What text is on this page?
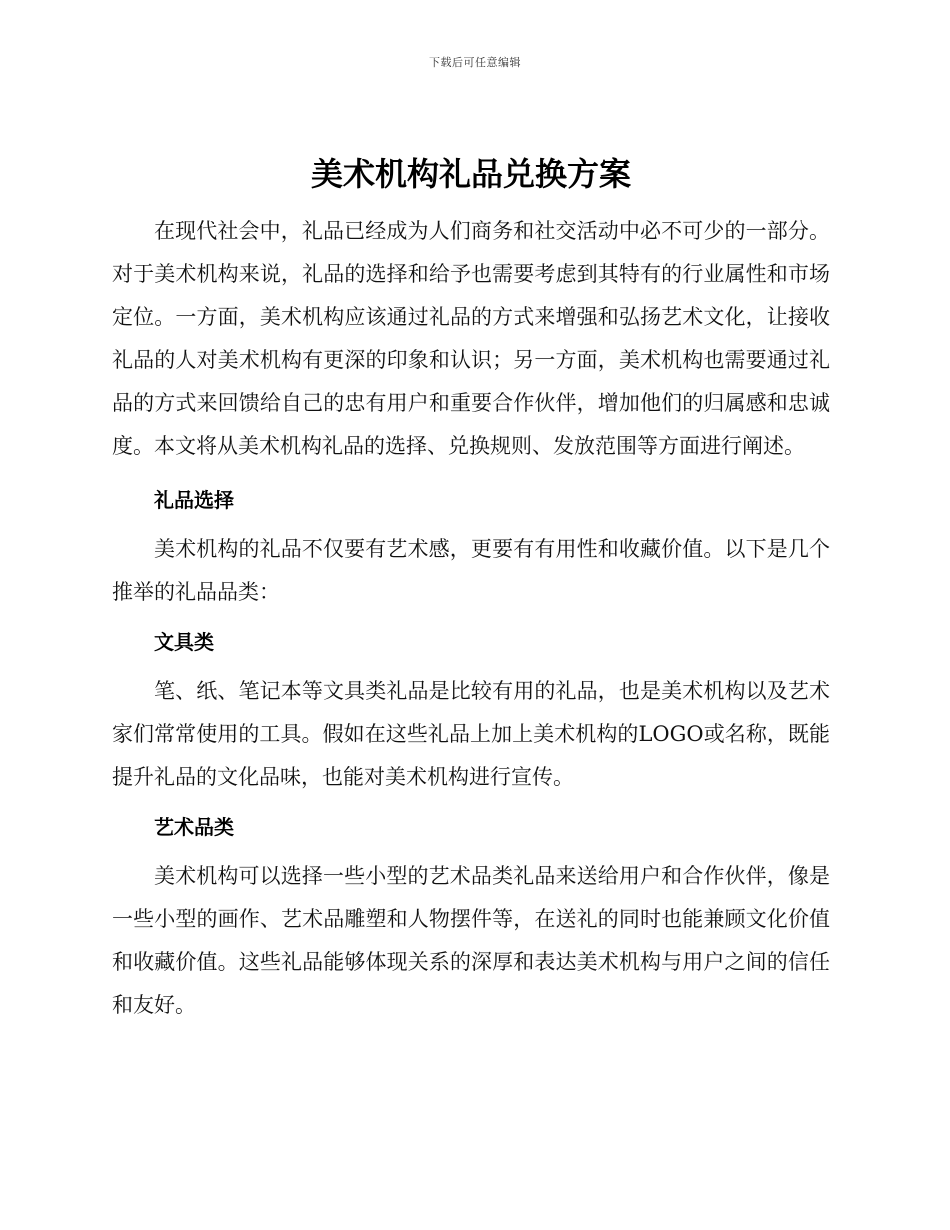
下载后可任意编辑
美术机构礼品兑换方案

在现代社会中，礼品已经成为人们商务和社交活动中必不可少的一部分。对于美术机构来说，礼品的选择和给予也需要考虑到其特有的行业属性和市场定位。一方面，美术机构应该通过礼品的方式来增强和弘扬艺术文化，让接收礼品的人对美术机构有更深的印象和认识；另一方面，美术机构也需要通过礼品的方式来回馈给自己的忠有用户和重要合作伙伴，增加他们的归属感和忠诚度。本文将从美术机构礼品的选择、兑换规则、发放范围等方面进行阐述。

礼品选择

美术机构的礼品不仅要有艺术感，更要有有用性和收藏价值。以下是几个推举的礼品品类：

文具类

笔、纸、笔记本等文具类礼品是比较有用的礼品，也是美术机构以及艺术家们常常使用的工具。假如在这些礼品上加上美术机构的LOGO或名称，既能提升礼品的文化品味，也能对美术机构进行宣传。

艺术品类

美术机构可以选择一些小型的艺术品类礼品来送给用户和合作伙伴，像是一些小型的画作、艺术品雕塑和人物摆件等，在送礼的同时也能兼顾文化价值和收藏价值。这些礼品能够体现关系的深厚和表达美术机构与用户之间的信任和友好。
